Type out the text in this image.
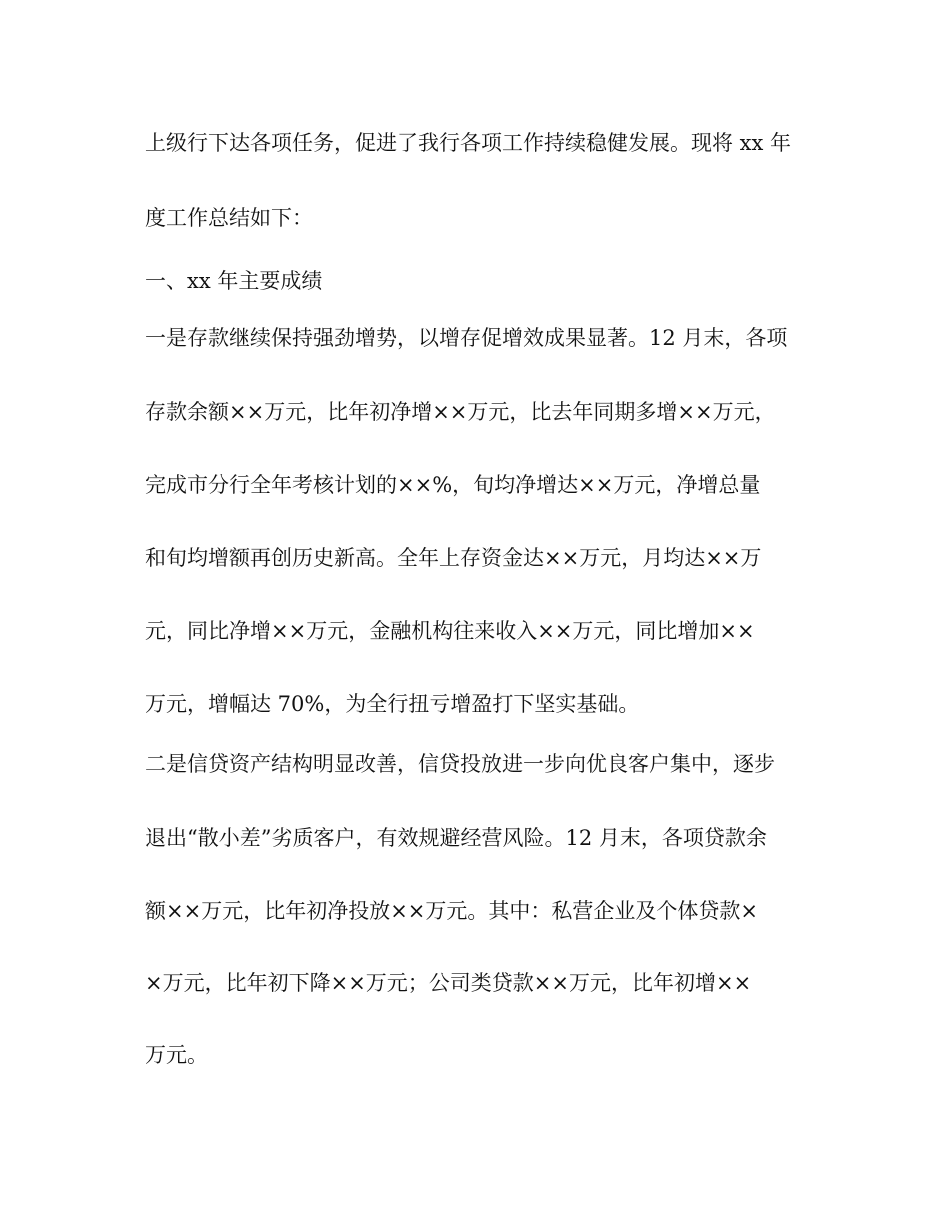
上级行下达各项任务，促进了我行各项工作持续稳健发展。现将 xx 年

度工作总结如下：

一、xx 年主要成绩

一是存款继续保持强劲增势，以增存促增效成果显著。12 月末，各项

存款余额××万元，比年初净增××万元，比去年同期多增××万元，

完成市分行全年考核计划的××%，旬均净增达××万元，净增总量

和旬均增额再创历史新高。全年上存资金达××万元，月均达××万

元，同比净增××万元，金融机构往来收入××万元，同比增加××

万元，增幅达 70%，为全行扭亏增盈打下坚实基础。

二是信贷资产结构明显改善，信贷投放进一步向优良客户集中，逐步

退出“散小差”劣质客户，有效规避经营风险。12 月末，各项贷款余

额××万元，比年初净投放××万元。其中：私营企业及个体贷款×

×万元，比年初下降××万元；公司类贷款××万元，比年初增××

万元。
